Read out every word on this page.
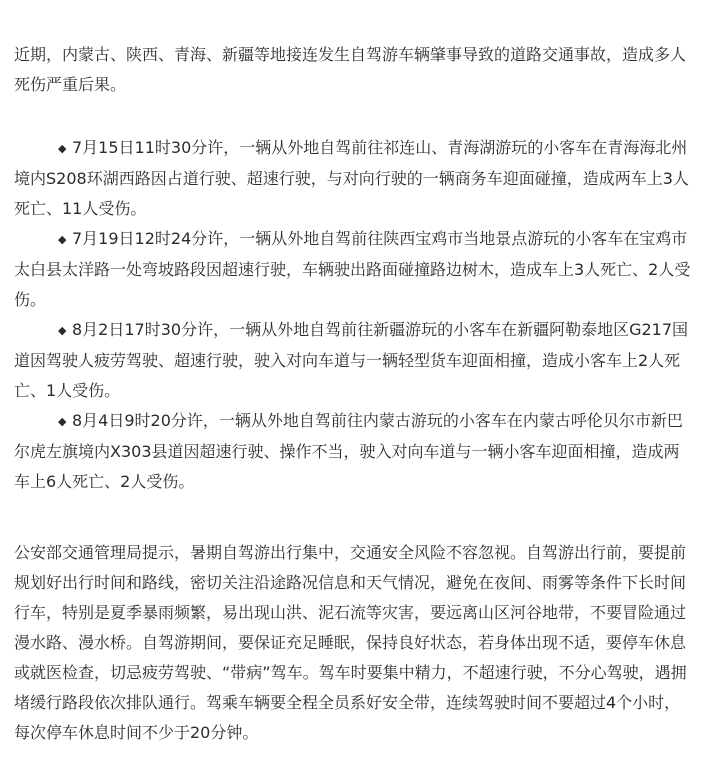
近期，内蒙古、陕西、青海、新疆等地接连发生自驾游车辆肇事导致的道路交通事故，造成多人死伤严重后果。

◆ 7月15日11时30分许，一辆从外地自驾前往祁连山、青海湖游玩的小客车在青海海北州境内S208环湖西路因占道行驶、超速行驶，与对向行驶的一辆商务车迎面碰撞，造成两车上3人死亡、11人受伤。

◆ 7月19日12时24分许，一辆从外地自驾前往陕西宝鸡市当地景点游玩的小客车在宝鸡市太白县太洋路一处弯坡路段因超速行驶，车辆驶出路面碰撞路边树木，造成车上3人死亡、2人受伤。

◆ 8月2日17时30分许，一辆从外地自驾前往新疆游玩的小客车在新疆阿勒泰地区G217国道因驾驶人疲劳驾驶、超速行驶，驶入对向车道与一辆轻型货车迎面相撞，造成小客车上2人死亡、1人受伤。

◆ 8月4日9时20分许，一辆从外地自驾前往内蒙古游玩的小客车在内蒙古呼伦贝尔市新巴尔虎左旗境内X303县道因超速行驶、操作不当，驶入对向车道与一辆小客车迎面相撞，造成两车上6人死亡、2人受伤。

公安部交通管理局提示，暑期自驾游出行集中，交通安全风险不容忽视。自驾游出行前，要提前规划好出行时间和路线，密切关注沿途路况信息和天气情况，避免在夜间、雨雾等条件下长时间行车，特别是夏季暴雨频繁，易出现山洪、泥石流等灾害，要远离山区河谷地带，不要冒险通过漫水路、漫水桥。自驾游期间，要保证充足睡眠，保持良好状态，若身体出现不适，要停车休息或就医检查，切忌疲劳驾驶、“带病”驾车。驾车时要集中精力，不超速行驶，不分心驾驶，遇拥堵缓行路段依次排队通行。驾乘车辆要全程全员系好安全带，连续驾驶时间不要超过4个小时，每次停车休息时间不少于20分钟。
